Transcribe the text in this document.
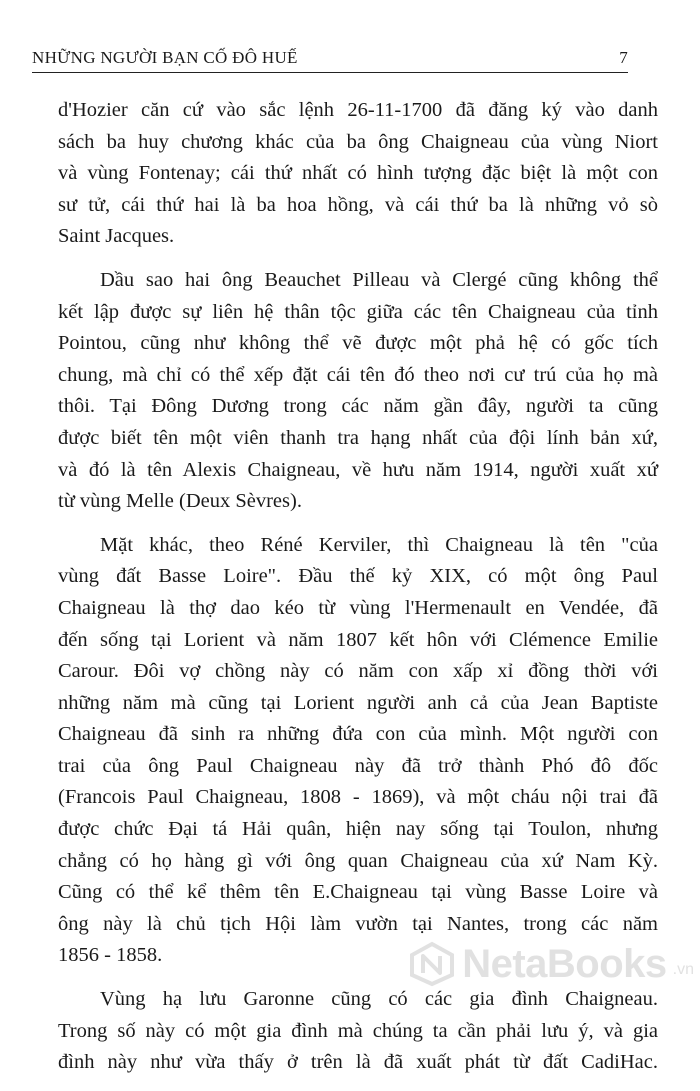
NHỮNG NGƯỜI BẠN CỐ ĐÔ HUẾ	7

d'Hozier căn cứ vào sắc lệnh 26-11-1700 đã đăng ký vào danh
sách ba huy chương khác của ba ông Chaigneau của vùng Niort
và vùng Fontenay; cái thứ nhất có hình tượng đặc biệt là một con
sư tử, cái thứ hai là ba hoa hồng, và cái thứ ba là những vỏ sò
Saint Jacques.

Dầu sao hai ông Beauchet Pilleau và Clergé cũng không thể
kết lập được sự liên hệ thân tộc giữa các tên Chaigneau của tỉnh
Pointou, cũng như không thể vẽ được một phả hệ có gốc tích
chung, mà chỉ có thể xếp đặt cái tên đó theo nơi cư trú của họ mà
thôi. Tại Đông Dương trong các năm gần đây, người ta cũng
được biết tên một viên thanh tra hạng nhất của đội lính bản xứ,
và đó là tên Alexis Chaigneau, về hưu năm 1914, người xuất xứ
từ vùng Melle (Deux Sèvres).

Mặt khác, theo Réné Kerviler, thì Chaigneau là tên "của
vùng đất Basse Loire". Đầu thế kỷ XIX, có một ông Paul
Chaigneau là thợ dao kéo từ vùng l'Hermenault en Vendée, đã
đến sống tại Lorient và năm 1807 kết hôn với Clémence Emilie
Carour. Đôi vợ chồng này có năm con xấp xỉ đồng thời với
những năm mà cũng tại Lorient người anh cả của Jean Baptiste
Chaigneau đã sinh ra những đứa con của mình. Một người con
trai của ông Paul Chaigneau này đã trở thành Phó đô đốc
(Francois Paul Chaigneau, 1808 - 1869), và một cháu nội trai đã
được chức Đại tá Hải quân, hiện nay sống tại Toulon, nhưng
chẳng có họ hàng gì với ông quan Chaigneau của xứ Nam Kỳ.
Cũng có thể kể thêm tên E.Chaigneau tại vùng Basse Loire và
ông này là chủ tịch Hội làm vườn tại Nantes, trong các năm
1856 - 1858.

Vùng hạ lưu Garonne cũng có các gia đình Chaigneau.
Trong số này có một gia đình mà chúng ta cần phải lưu ý, và gia
đình này như vừa thấy ở trên là đã xuất phát từ đất CadiHac.

NetaBooks .vn
